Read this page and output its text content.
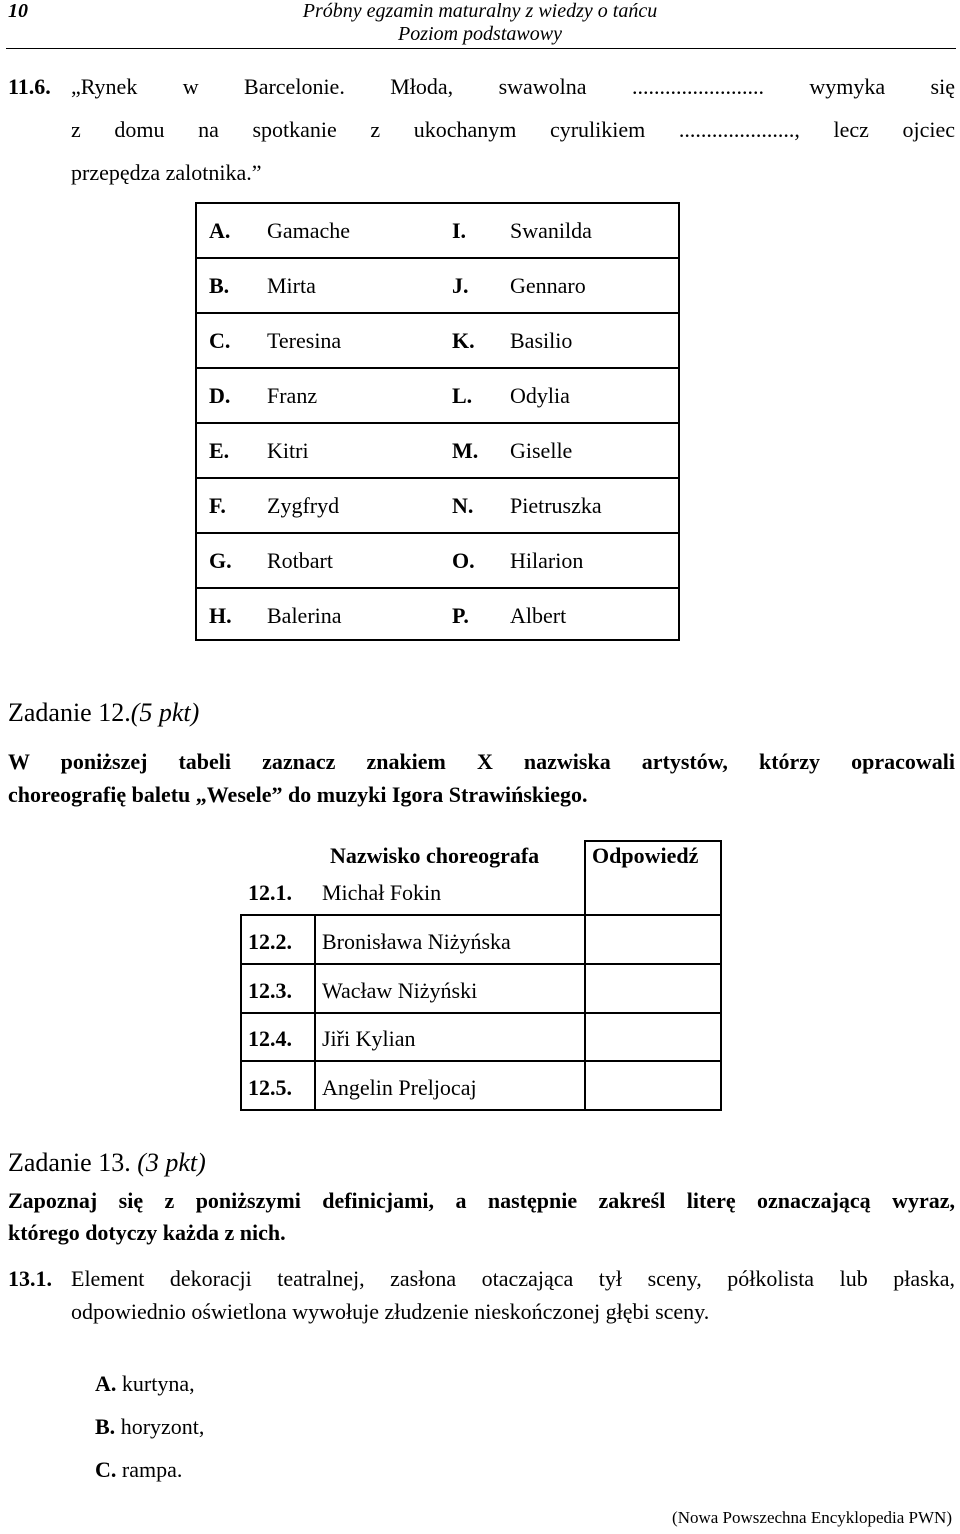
10	Próbny egzamin maturalny z wiedzy o tańcu
Poziom podstawowy
11.6. „Rynek w Barcelonie. Młoda, swawolna ........................ wymyka się
z domu na spotkanie z ukochanym cyrulikiem ....................., lecz ojciec
przepędza zalotnika.”
A. Gamache	I. Swanilda
B. Mirta	J. Gennaro
C. Teresina	K. Basilio
D. Franz	L. Odylia
E. Kitri	M. Giselle
F. Zygfryd	N. Pietruszka
G. Rotbart	O. Hilarion
H. Balerina	P. Albert
Zadanie 12.(5 pkt)
W poniższej tabeli zaznacz znakiem X nazwiska artystów, którzy opracowali
choreografię baletu „Wesele” do muzyki Igora Strawińskiego.
Nazwisko choreografa Odpowiedź
12.1. Michał Fokin
12.2. Bronisława Niżyńska
12.3. Wacław Niżyński
12.4. Jiři Kylian
12.5. Angelin Preljocaj
Zadanie 13. (3 pkt)
Zapoznaj się z poniższymi definicjami, a następnie zakreśl literę oznaczającą wyraz,
którego dotyczy każda z nich.
13.1. Element dekoracji teatralnej, zasłona otaczająca tył sceny, półkolista lub płaska,
odpowiednio oświetlona wywołuje złudzenie nieskończonej głębi sceny.
A. kurtyna,
B. horyzont,
C. rampa.
(Nowa Powszechna Encyklopedia PWN)
